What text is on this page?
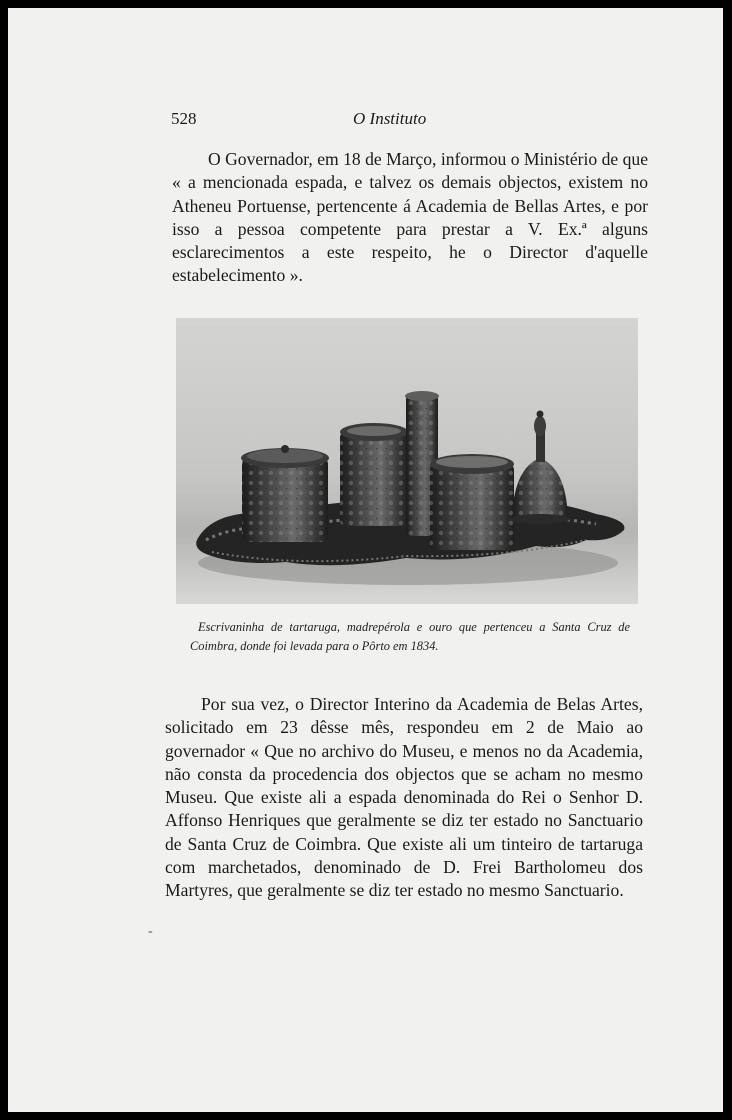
528	O Instituto

O Governador, em 18 de Março, informou o Ministério de que « a mencionada espada, e talvez os demais objectos, existem no Atheneu Portuense, pertencente á Academia de Bellas Artes, e por isso a pessoa competente para prestar a V. Ex.ª alguns esclarecimentos a este respeito, he o Director d'aquelle estabelecimento ».

Escrivaninha de tartaruga, madrepérola e ouro que pertenceu a Santa Cruz de Coimbra, donde foi levada para o Pôrto em 1834.

Por sua vez, o Director Interino da Academia de Belas Artes, solicitado em 23 dêsse mês, respondeu em 2 de Maio ao governador « Que no archivo do Museu, e menos no da Academia, não consta da procedencia dos objectos que se acham no mesmo Museu. Que existe ali a espada denominada do Rei o Senhor D. Affonso Henriques que geralmente se diz ter estado no Sanctuario de Santa Cruz de Coimbra. Que existe ali um tinteiro de tartaruga com marchetados, denominado de D. Frei Bartholomeu dos Martyres, que geralmente se diz ter estado no mesmo Sanctuario.

-
